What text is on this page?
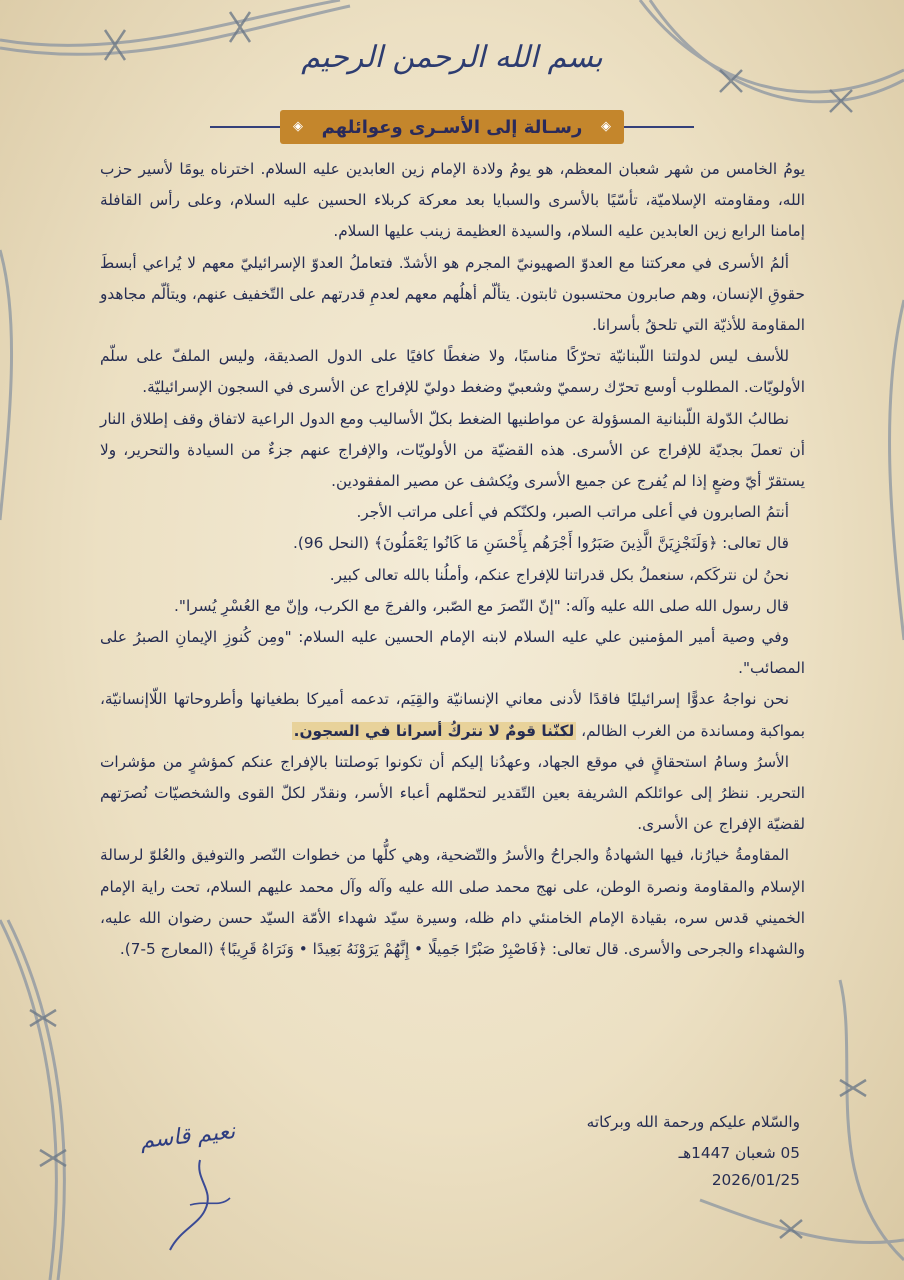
بسم الله الرحمن الرحيم
◈
رسـالة إلى الأسـرى وعوائلهم
◈

يومُ الخامس من شهر شعبان المعظم، هو يومُ ولادة الإمام زين العابدين عليه السلام. اخترناه يومًا لأسير حزب الله، ومقاومته الإسلاميّة، تأسّيًا بالأسرى والسبايا بعد معركة كربلاء الحسين عليه السلام، وعلى رأس القافلة إمامنا الرابع زين العابدين عليه السلام، والسيدة العظيمة زينب عليها السلام.

ألمُ الأسرى في معركتنا مع العدوّ الصهيونيّ المجرم هو الأشدّ. فتعاملُ العدوّ الإسرائيليّ معهم لا يُراعي أبسطَ حقوقِ الإنسان، وهم صابرون محتسبون ثابتون. يتألّم أهلُهم معهم لعدمِ قدرتهم على التّخفيف عنهم، ويتألّم مجاهدو المقاومة للأذيّة التي تلحقُ بأسرانا.

للأسف ليس لدولتنا اللّبنانيّة تحرّكًا مناسبًا، ولا ضغطًا كافيًا على الدول الصديقة، وليس الملفّ على سلّم الأولويّات. المطلوب أوسع تحرّك رسميّ وشعبيّ وضغط دوليّ للإفراج عن الأسرى في السجون الإسرائيليّة.

نطالبُ الدّولة اللّبنانية المسؤولة عن مواطنيها الضغط بكلّ الأساليب ومع الدول الراعية لاتفاق وقف إطلاق النار أن تعملَ بجديّة للإفراج عن الأسرى. هذه القضيّة من الأولويّات، والإفراج عنهم جزءٌ من السيادة والتحرير، ولا يستقرّ أيّ وضعٍ إذا لم يُفرج عن جميع الأسرى ويُكشف عن مصير المفقودين.

أنتمُ الصابرون في أعلى مراتب الصبر، ولكنّكم في أعلى مراتب الأجر.

قال تعالى: ﴿وَلَنَجْزِيَنَّ الَّذِينَ صَبَرُوا أَجْرَهُم بِأَحْسَنِ مَا كَانُوا يَعْمَلُونَ﴾ (النحل 96).

نحنُ لن نتركَكم، سنعملُ بكل قدراتنا للإفراج عنكم، وأملُنا بالله تعالى كبير.

قال رسول الله صلى الله عليه وآله: "إنّ النّصرَ مع الصّبر، والفرجَ مع الكرب، وإنّ مع العُسْرِ يُسرا".

وفي وصية أمير المؤمنين علي عليه السلام لابنه الإمام الحسين عليه السلام: "ومِن كُنوزِ الإيمانِ الصبرُ على المصائب".

نحن نواجهُ عدوًّا إسرائيليًا فاقدًا لأدنى معاني الإنسانيّة والقِيَم، تدعمه أميركا بطغيانها وأطروحاتها اللّاإنسانيّة، بمواكبة ومساندة من الغرب الظالم، لكنّنا قومٌ لا نتركُ أسرانا في السجون.

الأسرُ وسامُ استحقاقٍ في موقع الجهاد، وعهدُنا إليكم أن تكونوا بَوصلتنا بالإفراج عنكم كمؤشرٍ من مؤشرات التحرير. ننظرُ إلى عوائلكم الشريفة بعين التّقدير لتحمّلهم أعباء الأسر، ونقدّر لكلّ القوى والشخصيّات نُصرَتهم لقضيّة الإفراج عن الأسرى.

المقاومةُ خيارُنا، فيها الشهادةُ والجراحُ والأسرُ والتّضحية، وهي كلُّها من خطوات النّصر والتوفيق والعُلوّ لرسالة الإسلام والمقاومة ونصرة الوطن، على نهج محمد صلى الله عليه وآله وآل محمد عليهم السلام، تحت راية الإمام الخميني قدس سره، بقيادة الإمام الخامنئي دام ظله، وسيرة سيّد شهداء الأمّة السيّد حسن رضوان الله عليه، والشهداء والجرحى والأسرى. قال تعالى: ﴿فَاصْبِرْ صَبْرًا جَمِيلًا • إِنَّهُمْ يَرَوْنَهُ بَعِيدًا • وَنَرَاهُ قَرِيبًا﴾ (المعارج 5-7).

والسّلام عليكم ورحمة الله وبركاته
05 شعبان 1447هـ
2026/01/25
نعيم قاسم
